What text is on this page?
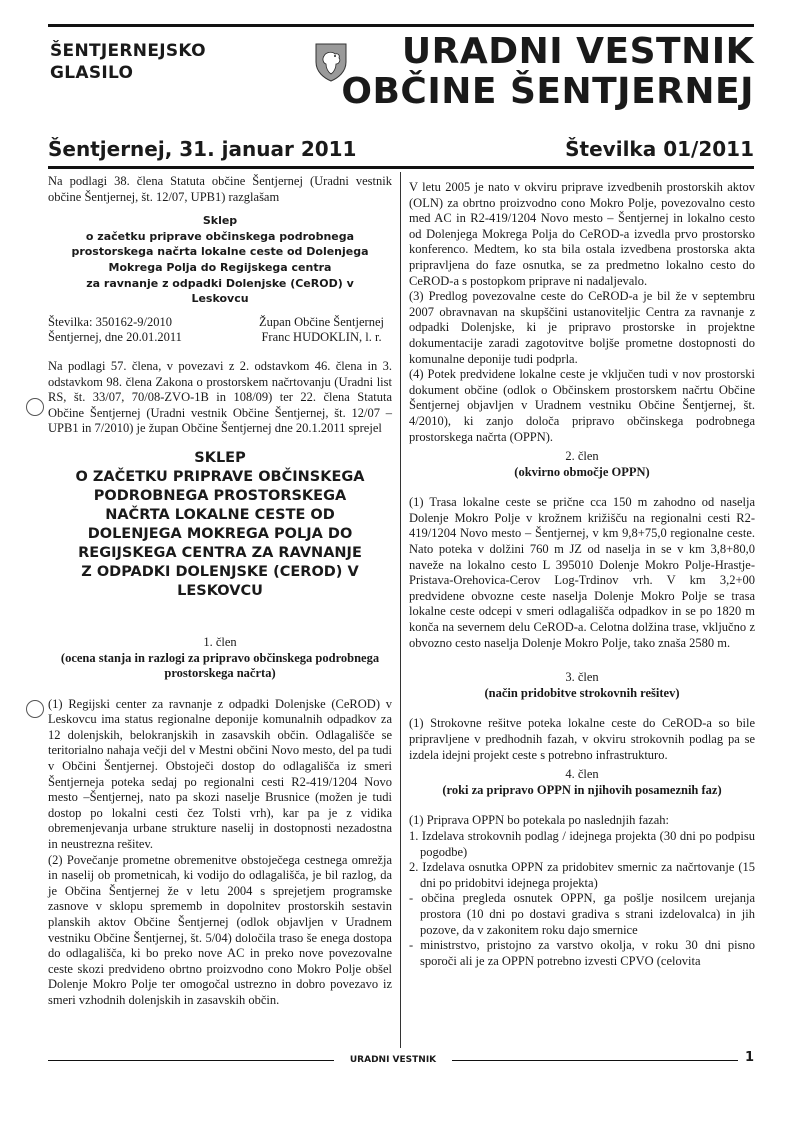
ŠENTJERNEJSKO
GLASILO
URADNI VESTNIK
OBČINE ŠENTJERNEJ
Šentjernej, 31. januar 2011	Številka 01/2011

Na podlagi 38. člena Statuta občine Šentjernej (Uradni vestnik občine Šentjernej, št. 12/07, UPB1) razglašam

Sklep
o začetku priprave občinskega podrobnega
prostorskega načrta lokalne ceste od Dolenjega
Mokrega Polja do Regijskega centra
za ravnanje z odpadki Dolenjske (CeROD) v
Leskovcu
Številka: 350162-9/2010
Šentjernej, dne 20.01.2011
Župan Občine Šentjernej
Franc HUDOKLIN, l. r.

Na podlagi 57. člena, v povezavi z 2. odstavkom 46. člena in 3. odstavkom 98. člena Zakona o prostorskem načrtovanju (Uradni list RS, št. 33/07, 70/08-ZVO-1B in 108/09) ter 22. člena Statuta Občine Šentjernej (Uradni vestnik Občine Šentjernej, št. 12/07 – UPB1 in 7/2010) je župan Občine Šentjernej dne 20.1.2011 sprejel

SKLEP
O ZAČETKU PRIPRAVE OBČINSKEGA
PODROBNEGA PROSTORSKEGA
NAČRTA LOKALNE CESTE OD
DOLENJEGA MOKREGA POLJA DO
REGIJSKEGA CENTRA ZA RAVNANJE
Z ODPADKI DOLENJSKE (CEROD) V
LESKOVCU
1. člen
(ocena stanja in razlogi za pripravo občinskega podrobnega prostorskega načrta)

(1) Regijski center za ravnanje z odpadki Dolenjske (CeROD) v Leskovcu ima status regionalne deponije komunalnih odpadkov za 12 dolenjskih, belokranjskih in zasavskih občin. Odlagališče se teritorialno nahaja večji del v Mestni občini Novo mesto, del pa tudi v Občini Šentjernej. Obstoječi dostop do odlagališča iz smeri Šentjerneja poteka sedaj po regionalni cesti R2-419/1204 Novo mesto –Šentjernej, nato pa skozi naselje Brusnice (možen je tudi dostop po lokalni cesti čez Tolsti vrh), kar pa je z vidika obremenjevanja urbane strukture naselij in dostopnosti nezadostna in neustrezna rešitev.

(2) Povečanje prometne obremenitve obstoječega cestnega omrežja in naselij ob prometnicah, ki vodijo do odlagališča, je bil razlog, da je Občina Šentjernej že v letu 2004 s sprejetjem programske zasnove v sklopu sprememb in dopolnitev prostorskih sestavin planskih aktov Občine Šentjernej (odlok objavljen v Uradnem vestniku Občine Šentjernej, št. 5/04) določila traso še enega dostopa do odlagališča, ki bo preko nove AC in preko nove povezovalne ceste skozi predvideno obrtno proizvodno cono Mokro Polje obšel Dolenje Mokro Polje ter omogočal ustrezno in dobro povezavo iz smeri vzhodnih dolenjskih in zasavskih občin.

V letu 2005 je nato v okviru priprave izvedbenih prostorskih aktov (OLN) za obrtno proizvodno cono Mokro Polje, povezovalno cesto med AC in R2-419/1204 Novo mesto – Šentjernej in lokalno cesto od Dolenjega Mokrega Polja do CeROD-a izvedla prvo prostorsko konferenco. Medtem, ko sta bila ostala izvedbena prostorska akta pripravljena do faze osnutka, se za predmetno lokalno cesto do CeROD-a s postopkom priprave ni nadaljevalo.

(3) Predlog povezovalne ceste do CeROD-a je bil že v septembru 2007 obravnavan na skupščini ustanoviteljic Centra za ravnanje z odpadki Dolenjske, ki je pripravo prostorske in projektne dokumentacije zaradi zagotovitve boljše prometne dostopnosti do komunalne deponije tudi podprla.

(4) Potek predvidene lokalne ceste je vključen tudi v nov prostorski dokument občine (odlok o Občinskem prostorskem načrtu Občine Šentjernej objavljen v Uradnem vestniku Občine Šentjernej, št. 4/2010), ki zanjo določa pripravo občinskega podrobnega prostorskega načrta (OPPN).

2. člen
(okvirno območje OPPN)

(1) Trasa lokalne ceste se prične cca 150 m zahodno od naselja Dolenje Mokro Polje v krožnem križišču na regionalni cesti R2-419/1204 Novo mesto – Šentjernej, v km 9,8+75,0 regionalne ceste. Nato poteka v dolžini 760 m JZ od naselja in se v km 3,8+80,0 naveže na lokalno cesto L 395010 Dolenje Mokro Polje-Hrastje-Pristava-Orehovica-Cerov Log-Trdinov vrh. V km 3,2+00 predvidene obvozne ceste naselja Dolenje Mokro Polje se trasa lokalne ceste odcepi v smeri odlagališča odpadkov in se po 1820 m konča na severnem delu CeROD-a. Celotna dolžina trase, vključno z obvozno cesto naselja Dolenje Mokro Polje, tako znaša 2580 m.

3. člen
(način pridobitve strokovnih rešitev)

(1) Strokovne rešitve poteka lokalne ceste do CeROD-a so bile pripravljene v predhodnih fazah, v okviru strokovnih podlag pa se izdela idejni projekt ceste s potrebno infrastrukturo.

4. člen
(roki za pripravo OPPN in njihovih posameznih faz)

(1) Priprava OPPN bo potekala po naslednjih fazah:

1. Izdelava strokovnih podlag / idejnega projekta (30 dni po podpisu pogodbe)
2. Izdelava osnutka OPPN za pridobitev smernic za načrtovanje (15 dni po pridobitvi idejnega projekta)
- občina pregleda osnutek OPPN, ga pošlje nosilcem urejanja prostora (10 dni po dostavi gradiva s strani izdelovalca) in jih pozove, da v zakonitem roku dajo smernice
- ministrstvo, pristojno za varstvo okolja, v roku 30 dni pisno sporoči ali je za OPPN potrebno izvesti CPVO (celovita
URADNI VESTNIK	1
